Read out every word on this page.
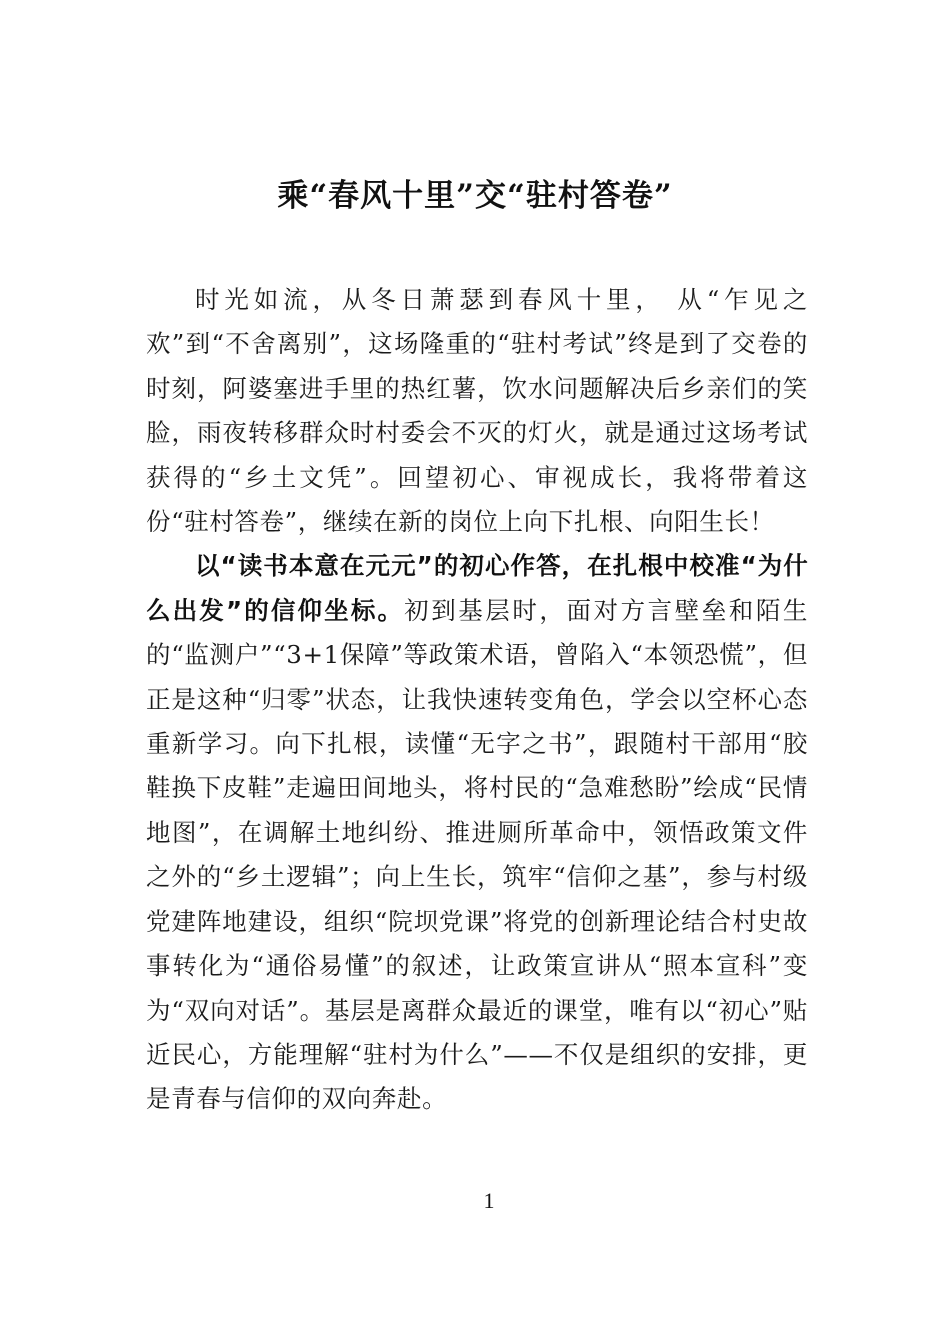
乘“春风十里”交“驻村答卷”

时光如流，从冬日萧瑟到春风十里， 从“乍见之欢”到“不舍离别”，这场隆重的“驻村考试”终是到了交卷的时刻，阿婆塞进手里的热红薯，饮水问题解决后乡亲们的笑脸，雨夜转移群众时村委会不灭的灯火，就是通过这场考试获得的“乡土文凭”。回望初心、审视成长，我将带着这份“驻村答卷”，继续在新的岗位上向下扎根、向阳生长！

以“读书本意在元元”的初心作答，在扎根中校准“为什么出发”的信仰坐标。初到基层时，面对方言壁垒和陌生的“监测户”“3+1保障”等政策术语，曾陷入“本领恐慌”，但正是这种“归零”状态，让我快速转变角色，学会以空杯心态重新学习。向下扎根，读懂“无字之书”，跟随村干部用“胶鞋换下皮鞋”走遍田间地头，将村民的“急难愁盼”绘成“民情地图”，在调解土地纠纷、推进厕所革命中，领悟政策文件之外的“乡土逻辑”；向上生长，筑牢“信仰之基”，参与村级党建阵地建设，组织“院坝党课”将党的创新理论结合村史故事转化为“通俗易懂”的叙述，让政策宣讲从“照本宣科”变为“双向对话”。基层是离群众最近的课堂，唯有以“初心”贴近民心，方能理解“驻村为什么”——不仅是组织的安排，更是青春与信仰的双向奔赴。

1
